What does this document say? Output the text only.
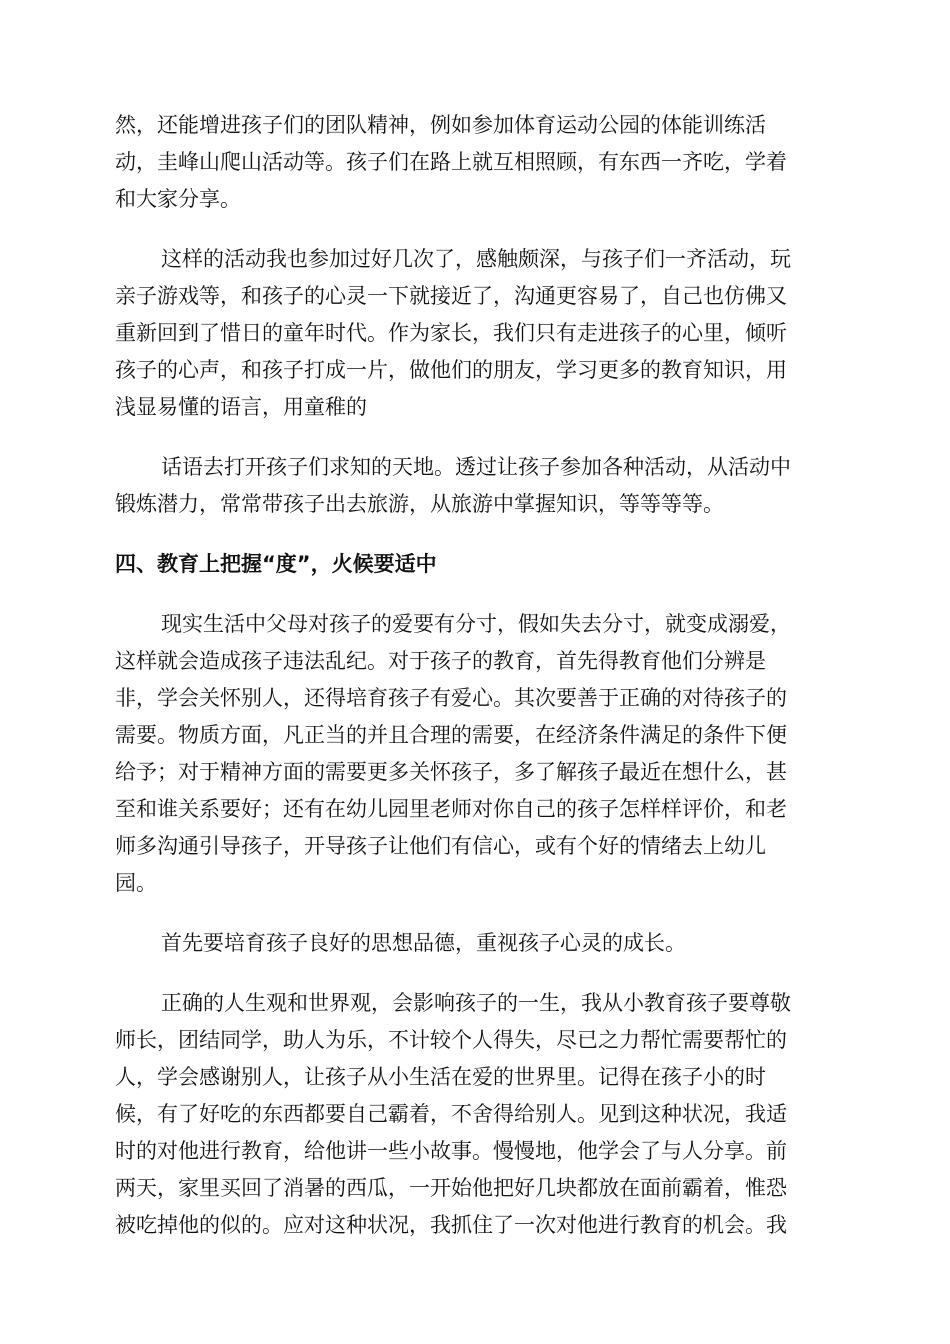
然，还能增进孩子们的团队精神，例如参加体育运动公园的体能训练活
动，圭峰山爬山活动等。孩子们在路上就互相照顾，有东西一齐吃，学着
和大家分享。
这样的活动我也参加过好几次了，感触颇深，与孩子们一齐活动，玩
亲子游戏等，和孩子的心灵一下就接近了，沟通更容易了，自己也仿佛又
重新回到了惜日的童年时代。作为家长，我们只有走进孩子的心里，倾听
孩子的心声，和孩子打成一片，做他们的朋友，学习更多的教育知识，用
浅显易懂的语言，用童稚的
话语去打开孩子们求知的天地。透过让孩子参加各种活动，从活动中
锻炼潜力，常常带孩子出去旅游，从旅游中掌握知识，等等等等。
四、教育上把握“度”，火候要适中
现实生活中父母对孩子的爱要有分寸，假如失去分寸，就变成溺爱，
这样就会造成孩子违法乱纪。对于孩子的教育，首先得教育他们分辨是
非，学会关怀别人，还得培育孩子有爱心。其次要善于正确的对待孩子的
需要。物质方面，凡正当的并且合理的需要，在经济条件满足的条件下便
给予；对于精神方面的需要更多关怀孩子，多了解孩子最近在想什么，甚
至和谁关系要好；还有在幼儿园里老师对你自己的孩子怎样样评价，和老
师多沟通引导孩子，开导孩子让他们有信心，或有个好的情绪去上幼儿
园。
首先要培育孩子良好的思想品德，重视孩子心灵的成长。
正确的人生观和世界观，会影响孩子的一生，我从小教育孩子要尊敬
师长，团结同学，助人为乐，不计较个人得失，尽已之力帮忙需要帮忙的
人，学会感谢别人，让孩子从小生活在爱的世界里。记得在孩子小的时
候，有了好吃的东西都要自己霸着，不舍得给别人。见到这种状况，我适
时的对他进行教育，给他讲一些小故事。慢慢地，他学会了与人分享。前
两天，家里买回了消暑的西瓜，一开始他把好几块都放在面前霸着，惟恐
被吃掉他的似的。应对这种状况，我抓住了一次对他进行教育的机会。我
